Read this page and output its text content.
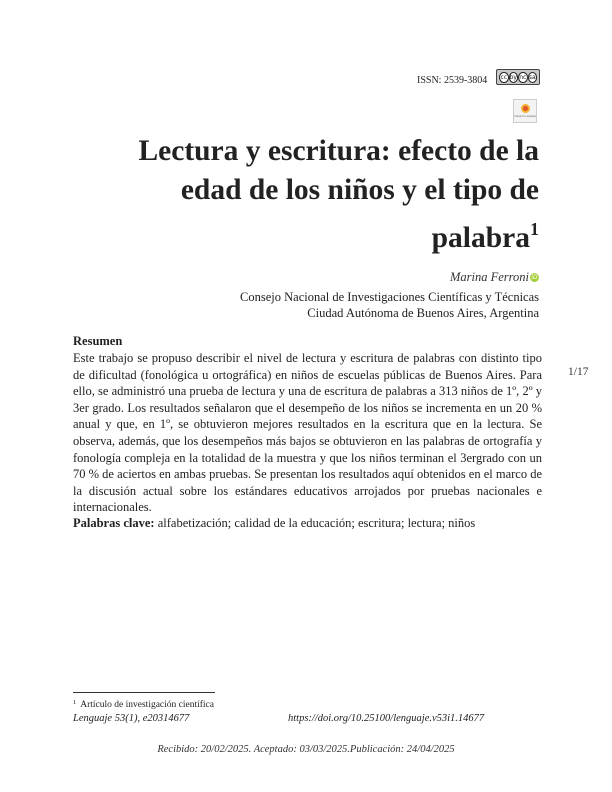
ISSN: 2539-3804 cc by nc sa
Check for updates
Lectura y escritura: efecto de la edad de los niños y el tipo de palabra$^1$
Marina Ferroni iD
Consejo Nacional de Investigaciones Científicas y Técnicas
Ciudad Autónoma de Buenos Aires, Argentina
Resumen

Este trabajo se propuso describir el nivel de lectura y escritura de palabras con distinto tipo de dificultad (fonológica u ortográfica) en niños de escuelas públicas de Buenos Aires. Para ello, se administró una prueba de lectura y una de escritura de palabras a 313 niños de 1º, 2º y 3er grado. Los resultados señalaron que el desempeño de los niños se incrementa en un 20 % anual y que, en 1º, se obtuvieron mejores resultados en la escritura que en la lectura. Se observa, además, que los desempeños más bajos se obtuvieron en las palabras de ortografía y fonología compleja en la totalidad de la muestra y que los niños terminan el 3ergrado con un 70 % de aciertos en ambas pruebas. Se presentan los resultados aquí obtenidos en el marco de la discusión actual sobre los estándares educativos arrojados por pruebas nacionales e internacionales.

Palabras clave: alfabetización; calidad de la educación; escritura; lectura; niños
1/17
$^1$ Artículo de investigación científica
Lenguaje 53(1), e20314677	https://doi.org/10.25100/lenguaje.v53i1.14677
Recibido: 20/02/2025. Aceptado: 03/03/2025.Publicación: 24/04/2025
